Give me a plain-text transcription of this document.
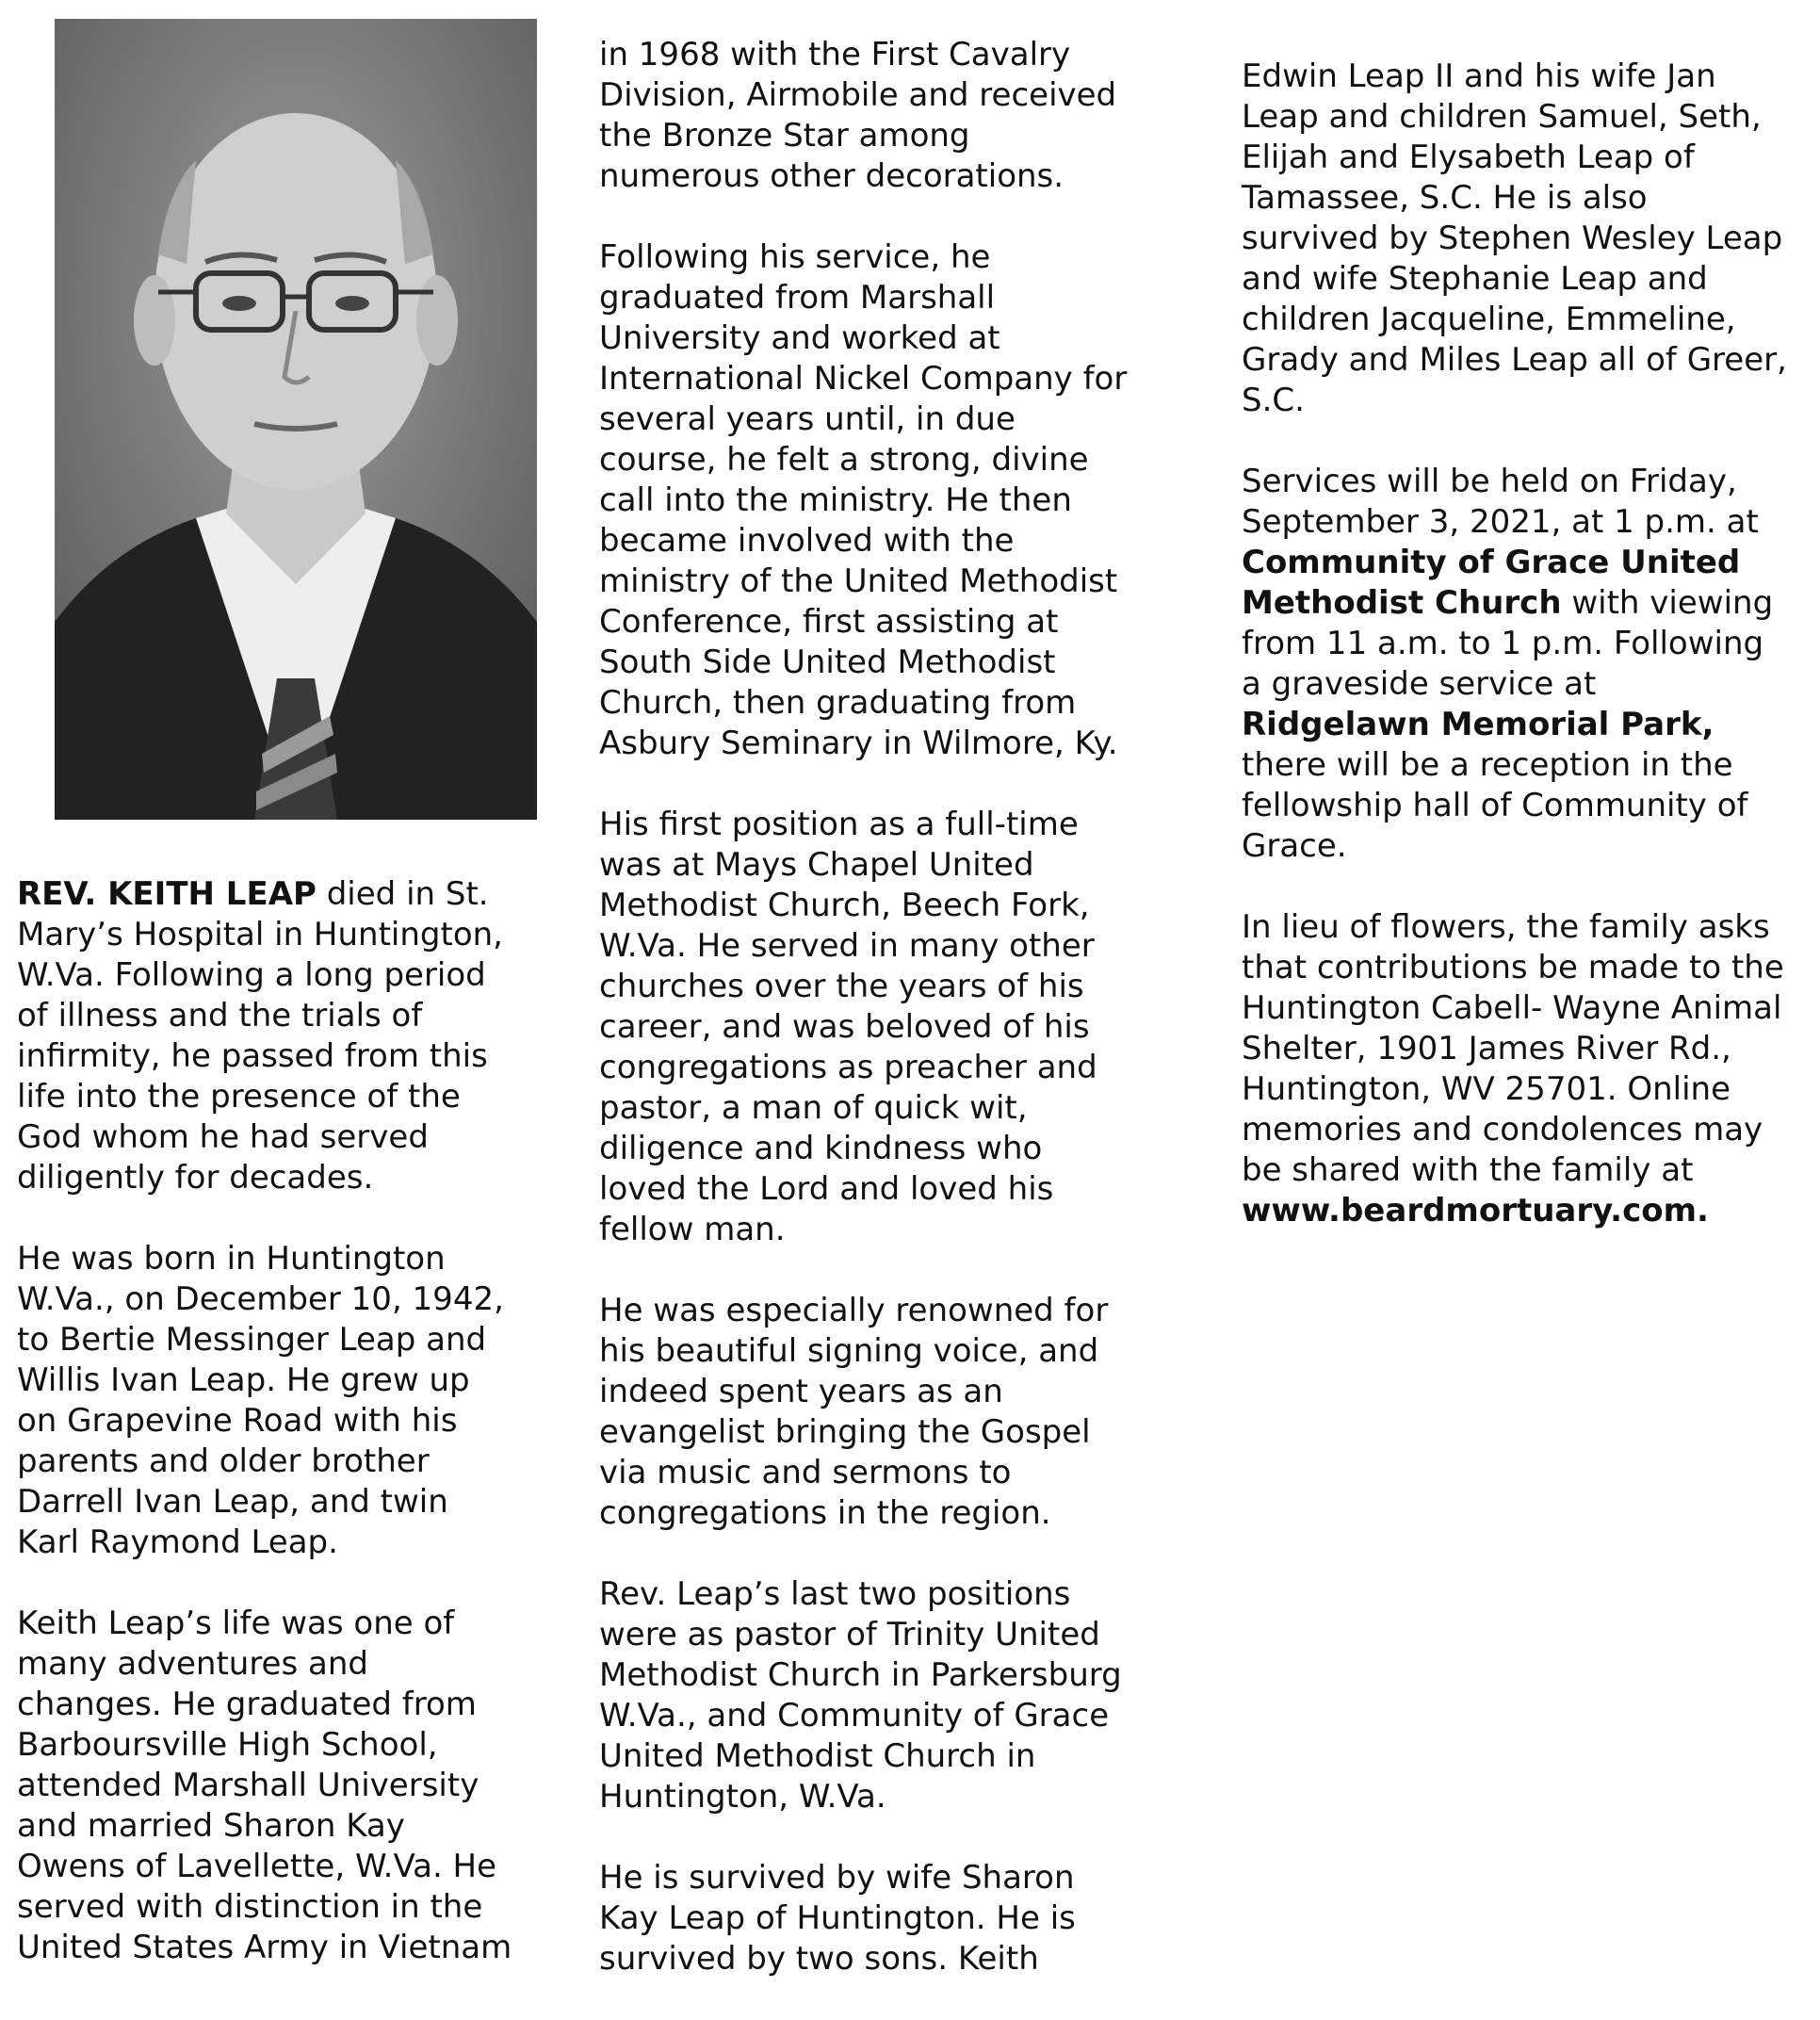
REV. KEITH LEAP died in St.
Mary’s Hospital in Huntington,
W.Va. Following a long period
of illness and the trials of
infirmity, he passed from this
life into the presence of the
God whom he had served
diligently for decades.

He was born in Huntington
W.Va., on December 10, 1942,
to Bertie Messinger Leap and
Willis Ivan Leap. He grew up
on Grapevine Road with his
parents and older brother
Darrell Ivan Leap, and twin
Karl Raymond Leap.

Keith Leap’s life was one of
many adventures and
changes. He graduated from
Barboursville High School,
attended Marshall University
and married Sharon Kay
Owens of Lavellette, W.Va. He
served with distinction in the
United States Army in Vietnam

in 1968 with the First Cavalry
Division, Airmobile and received
the Bronze Star among
numerous other decorations.

Following his service, he
graduated from Marshall
University and worked at
International Nickel Company for
several years until, in due
course, he felt a strong, divine
call into the ministry. He then
became involved with the
ministry of the United Methodist
Conference, first assisting at
South Side United Methodist
Church, then graduating from
Asbury Seminary in Wilmore, Ky.

His first position as a full-time
was at Mays Chapel United
Methodist Church, Beech Fork,
W.Va. He served in many other
churches over the years of his
career, and was beloved of his
congregations as preacher and
pastor, a man of quick wit,
diligence and kindness who
loved the Lord and loved his
fellow man.

He was especially renowned for
his beautiful signing voice, and
indeed spent years as an
evangelist bringing the Gospel
via music and sermons to
congregations in the region.

Rev. Leap’s last two positions
were as pastor of Trinity United
Methodist Church in Parkersburg
W.Va., and Community of Grace
United Methodist Church in
Huntington, W.Va.

He is survived by wife Sharon
Kay Leap of Huntington. He is
survived by two sons. Keith

Edwin Leap II and his wife Jan
Leap and children Samuel, Seth,
Elijah and Elysabeth Leap of
Tamassee, S.C. He is also
survived by Stephen Wesley Leap
and wife Stephanie Leap and
children Jacqueline, Emmeline,
Grady and Miles Leap all of Greer,
S.C.

Services will be held on Friday,
September 3, 2021, at 1 p.m. at
Community of Grace United
Methodist Church with viewing
from 11 a.m. to 1 p.m. Following
a graveside service at
Ridgelawn Memorial Park,
there will be a reception in the
fellowship hall of Community of
Grace.

In lieu of flowers, the family asks
that contributions be made to the
Huntington Cabell- Wayne Animal
Shelter, 1901 James River Rd.,
Huntington, WV 25701. Online
memories and condolences may
be shared with the family at
www.beardmortuary.com.
